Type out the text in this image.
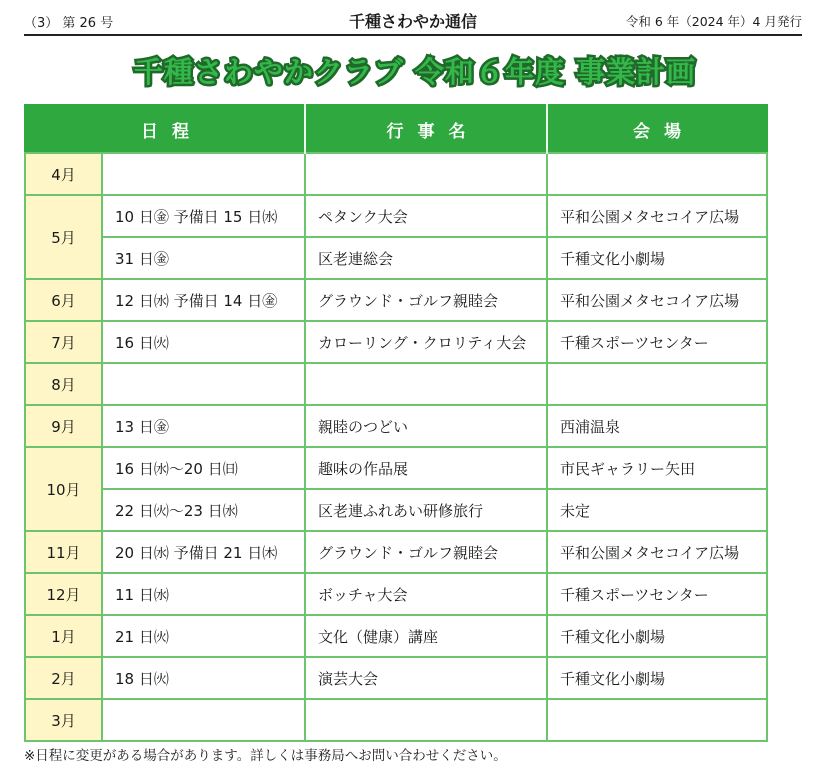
（3） 第 26 号	千種さわやか通信	令和 6 年（2024 年）4 月発行
千種さわやかクラブ 令和６年度 事業計画
日程		行事名	会場
4月			
5月	10 日㊎ 予備日 15 日㈬	ペタンク大会	平和公園メタセコイア広場
	31 日㊎	区老連総会	千種文化小劇場
6月	12 日㈬ 予備日 14 日㊎	グラウンド・ゴルフ親睦会	平和公園メタセコイア広場
7月	16 日㈫	カローリング・クロリティ大会	千種スポーツセンター
8月			
9月	13 日㊎	親睦のつどい	西浦温泉
10月	16 日㈬～20 日㈰	趣味の作品展	市民ギャラリー矢田
	22 日㈫～23 日㈬	区老連ふれあい研修旅行	未定
11月	20 日㈬ 予備日 21 日㈭	グラウンド・ゴルフ親睦会	平和公園メタセコイア広場
12月	11 日㈬	ボッチャ大会	千種スポーツセンター
1月	21 日㈫	文化（健康）講座	千種文化小劇場
2月	18 日㈫	演芸大会	千種文化小劇場
3月			
※日程に変更がある場合があります。詳しくは事務局へお問い合わせください。
